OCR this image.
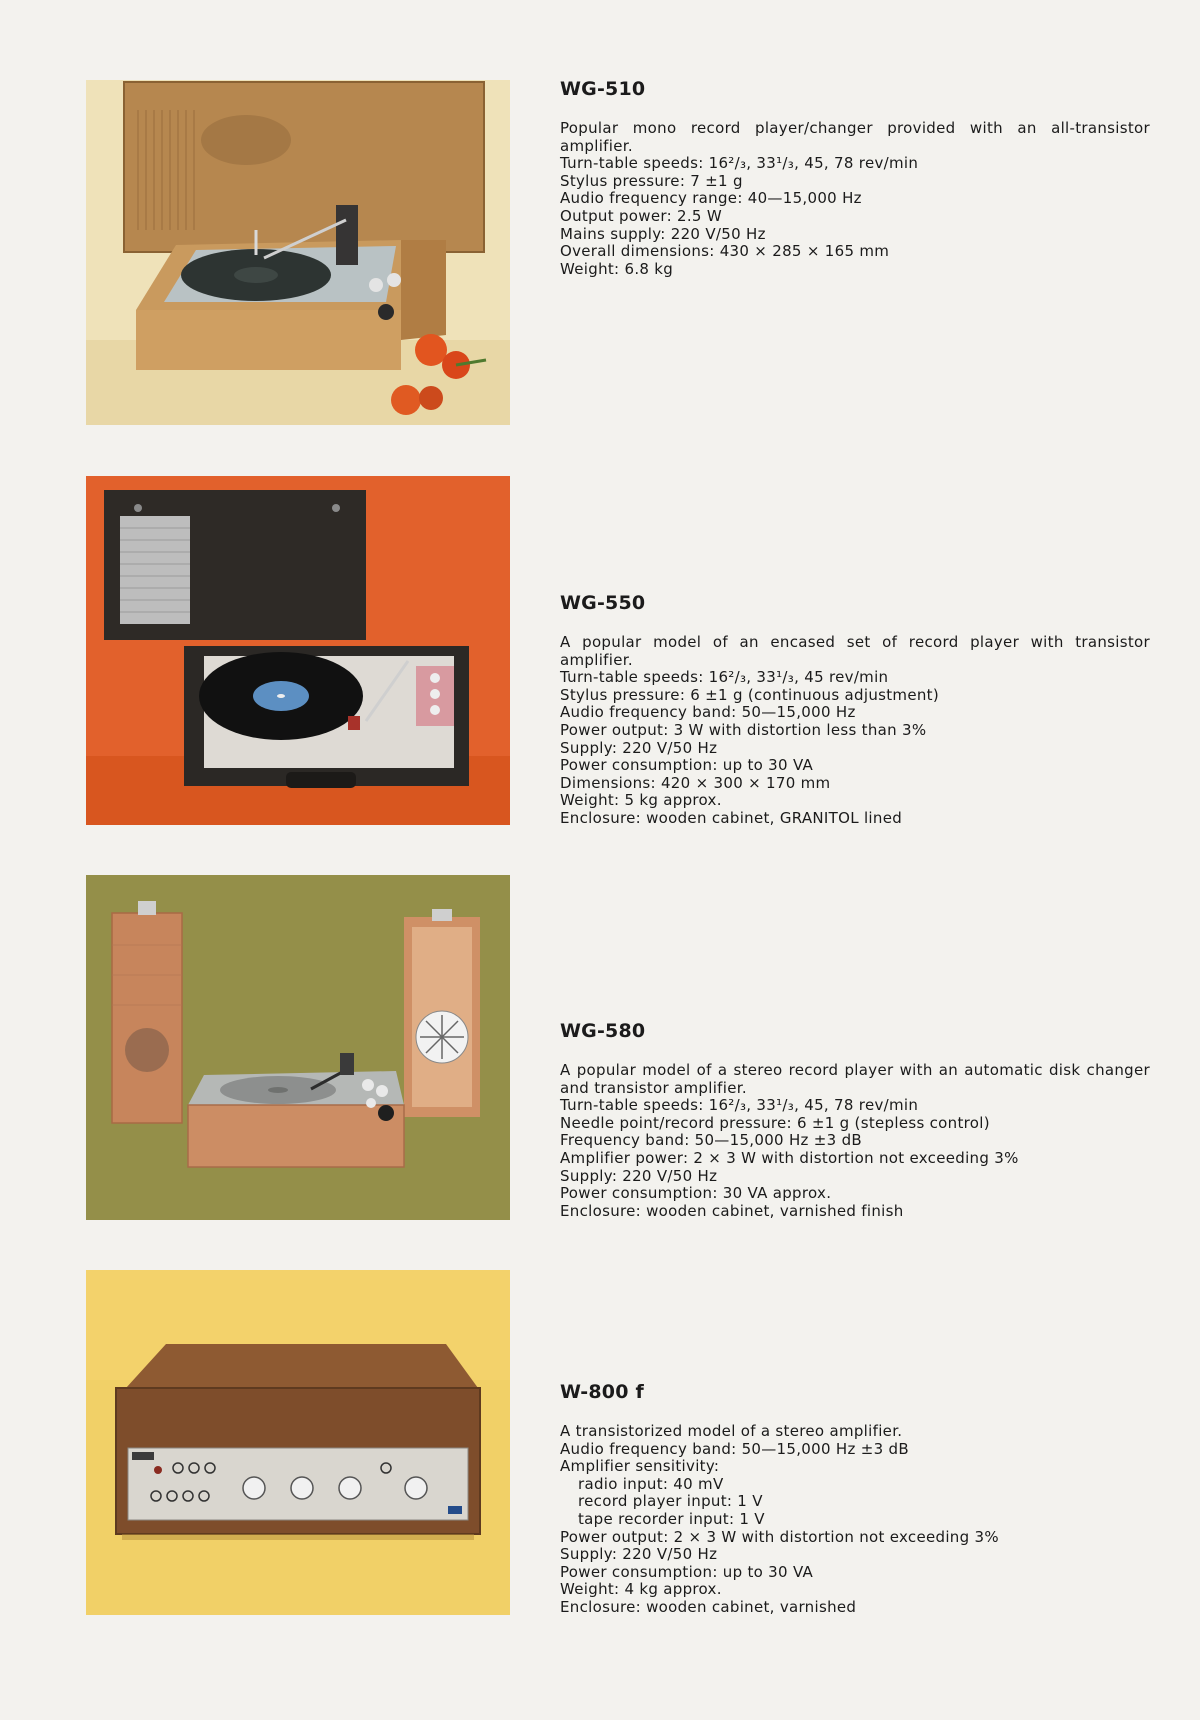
WG-510
Popular mono record player/changer provided with an all-transistor amplifier.
Turn-table speeds: 16²/₃, 33¹/₃, 45, 78 rev/min
Stylus pressure: 7 ±1 g
Audio frequency range: 40—15,000 Hz
Output power: 2.5 W
Mains supply: 220 V/50 Hz
Overall dimensions: 430 × 285 × 165 mm
Weight: 6.8 kg
WG-550
A popular model of an encased set of record player with transistor amplifier.
Turn-table speeds: 16²/₃, 33¹/₃, 45 rev/min
Stylus pressure: 6 ±1 g (continuous adjustment)
Audio frequency band: 50—15,000 Hz
Power output: 3 W with distortion less than 3%
Supply: 220 V/50 Hz
Power consumption: up to 30 VA
Dimensions: 420 × 300 × 170 mm
Weight: 5 kg approx.
Enclosure: wooden cabinet, GRANITOL lined
WG-580
A popular model of a stereo record player with an automatic disk changer and transistor amplifier.
Turn-table speeds: 16²/₃, 33¹/₃, 45, 78 rev/min
Needle point/record pressure: 6 ±1 g (stepless control)
Frequency band: 50—15,000 Hz ±3 dB
Amplifier power: 2 × 3 W with distortion not exceeding 3%
Supply: 220 V/50 Hz
Power consumption: 30 VA approx.
Enclosure: wooden cabinet, varnished finish
W-800 f
A transistorized model of a stereo amplifier.
Audio frequency band: 50—15,000 Hz ±3 dB
Amplifier sensitivity:
radio input: 40 mV
record player input: 1 V
tape recorder input: 1 V
Power output: 2 × 3 W with distortion not exceeding 3%
Supply: 220 V/50 Hz
Power consumption: up to 30 VA
Weight: 4 kg approx.
Enclosure: wooden cabinet, varnished
